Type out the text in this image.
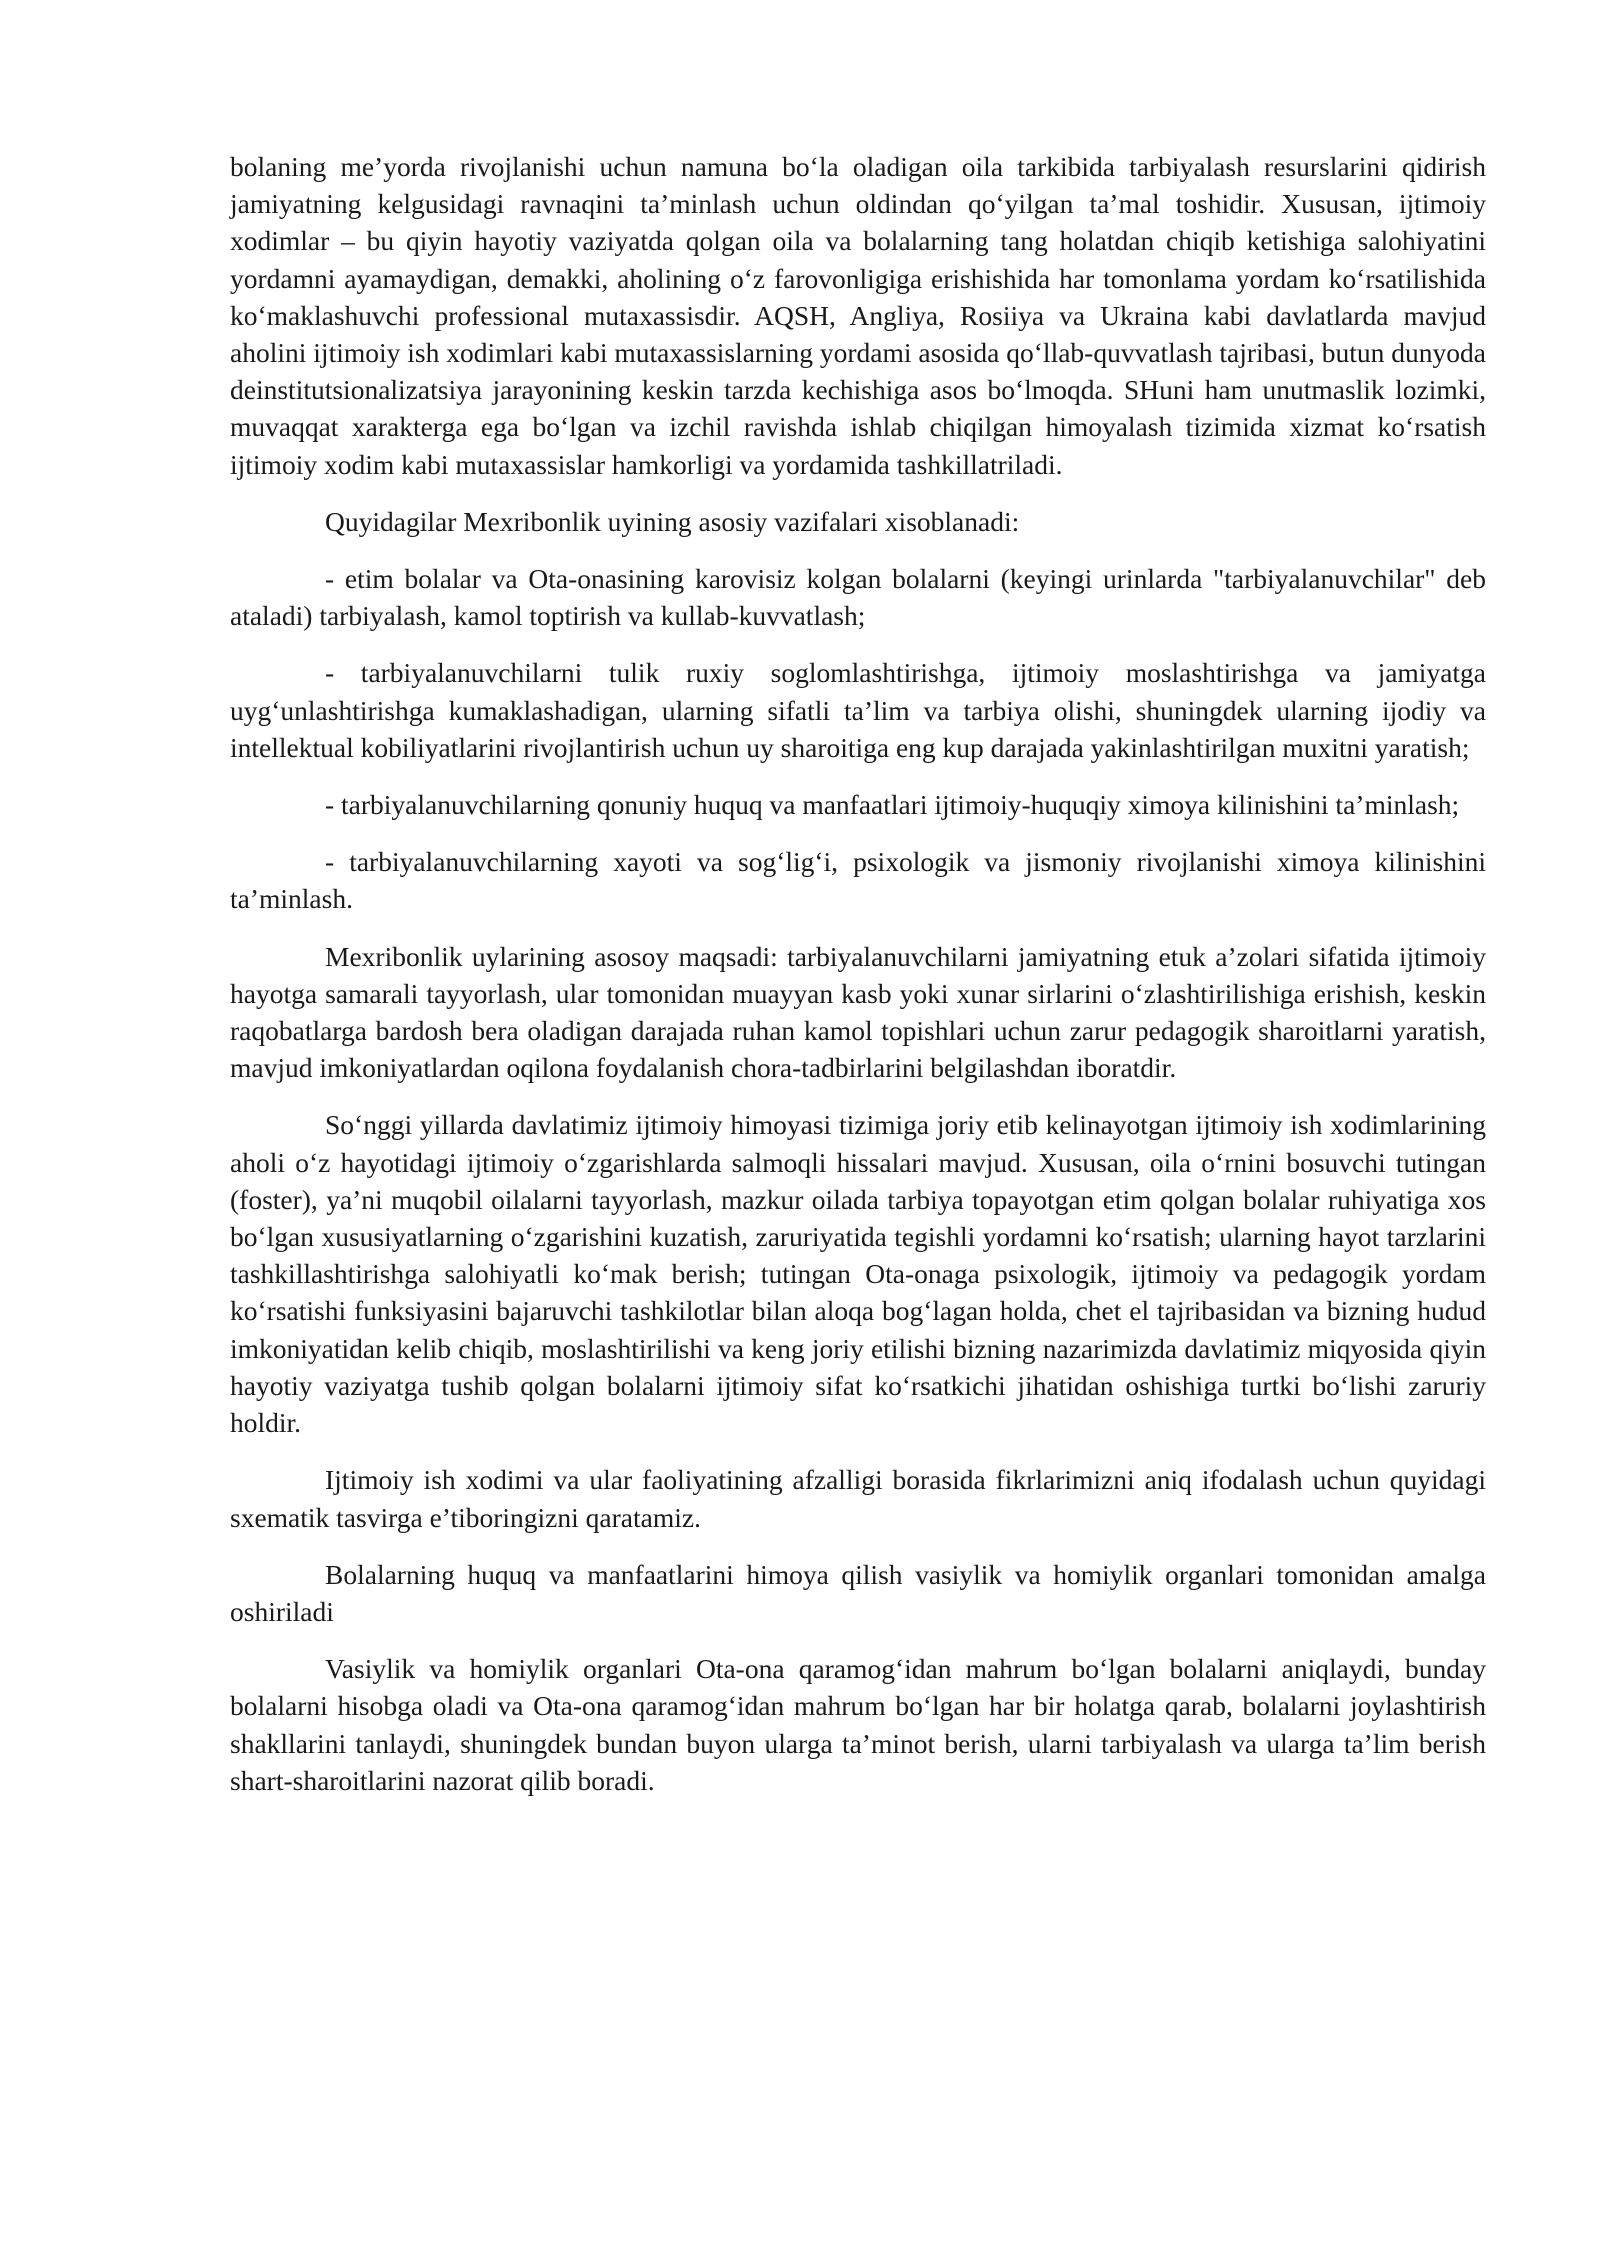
bolaning me’yorda rivojlanishi uchun namuna bo‘la oladigan oila tarkibida tarbiyalash resurslarini qidirish jamiyatning kelgusidagi ravnaqini ta’minlash uchun oldindan qo‘yilgan ta’mal toshidir. Xususan, ijtimoiy xodimlar – bu qiyin hayotiy vaziyatda qolgan oila va bolalarning tang holatdan chiqib ketishiga salohiyatini yordamni ayamaydigan, demakki, aholining o‘z farovonligiga erishishida har tomonlama yordam ko‘rsatilishida ko‘maklashuvchi professional mutaxassisdir. AQSH, Angliya, Rosiiya va Ukraina kabi davlatlarda mavjud aholini ijtimoiy ish xodimlari kabi mutaxassislarning yordami asosida qo‘llab-quvvatlash tajribasi, butun dunyoda deinstitutsionalizatsiya jarayonining keskin tarzda kechishiga asos bo‘lmoqda. SHuni ham unutmaslik lozimki, muvaqqat xarakterga ega bo‘lgan va izchil ravishda ishlab chiqilgan himoyalash tizimida xizmat ko‘rsatish ijtimoiy xodim kabi mutaxassislar hamkorligi va yordamida tashkillatriladi.

Quyidagilar Mexribonlik uyining asosiy vazifalari xisoblanadi:

- etim bolalar va Ota-onasining karovisiz kolgan bolalarni (keyingi urinlarda "tarbiyalanuvchilar" deb ataladi) tarbiyalash, kamol toptirish va kullab-kuvvatlash;

- tarbiyalanuvchilarni tulik ruxiy soglomlashtirishga, ijtimoiy moslashtirishga va jamiyatga uyg‘unlashtirishga kumaklashadigan, ularning sifatli ta’lim va tarbiya olishi, shuningdek ularning ijodiy va intellektual kobiliyatlarini rivojlantirish uchun uy sharoitiga eng kup darajada yakinlashtirilgan muxitni yaratish;

- tarbiyalanuvchilarning qonuniy huquq va manfaatlari ijtimoiy-huquqiy ximoya kilinishini ta’minlash;

- tarbiyalanuvchilarning xayoti va sog‘lig‘i, psixologik va jismoniy rivojlanishi ximoya kilinishini ta’minlash.

Mexribonlik uylarining asosoy maqsadi: tarbiyalanuvchilarni jamiyatning etuk a’zolari sifatida ijtimoiy hayotga samarali tayyorlash, ular tomonidan muayyan kasb yoki xunar sirlarini o‘zlashtirilishiga erishish, keskin raqobatlarga bardosh bera oladigan darajada ruhan kamol topishlari uchun zarur pedagogik sharoitlarni yaratish, mavjud imkoniyatlardan oqilona foydalanish chora-tadbirlarini belgilashdan iboratdir.

So‘nggi yillarda davlatimiz ijtimoiy himoyasi tizimiga joriy etib kelinayotgan ijtimoiy ish xodimlarining aholi o‘z hayotidagi ijtimoiy o‘zgarishlarda salmoqli hissalari mavjud. Xususan, oila o‘rnini bosuvchi tutingan (foster), ya’ni muqobil oilalarni tayyorlash, mazkur oilada tarbiya topayotgan etim qolgan bolalar ruhiyatiga xos bo‘lgan xususiyatlarning o‘zgarishini kuzatish, zaruriyatida tegishli yordamni ko‘rsatish; ularning hayot tarzlarini tashkillashtirishga salohiyatli ko‘mak berish; tutingan Ota-onaga psixologik, ijtimoiy va pedagogik yordam ko‘rsatishi funksiyasini bajaruvchi tashkilotlar bilan aloqa bog‘lagan holda, chet el tajribasidan va bizning hudud imkoniyatidan kelib chiqib, moslashtirilishi va keng joriy etilishi bizning nazarimizda davlatimiz miqyosida qiyin hayotiy vaziyatga tushib qolgan bolalarni ijtimoiy sifat ko‘rsatkichi jihatidan oshishiga turtki bo‘lishi zaruriy holdir.

Ijtimoiy ish xodimi va ular faoliyatining afzalligi borasida fikrlarimizni aniq ifodalash uchun quyidagi sxematik tasvirga e’tiboringizni qaratamiz.

Bolalarning huquq va manfaatlarini himoya qilish vasiylik va homiylik organlari tomonidan amalga oshiriladi

Vasiylik va homiylik organlari Ota-ona qaramog‘idan mahrum bo‘lgan bolalarni aniqlaydi, bunday bolalarni hisobga oladi va Ota-ona qaramog‘idan mahrum bo‘lgan har bir holatga qarab, bolalarni joylashtirish shakllarini tanlaydi, shuningdek bundan buyon ularga ta’minot berish, ularni tarbiyalash va ularga ta’lim berish shart-sharoitlarini nazorat qilib boradi.
